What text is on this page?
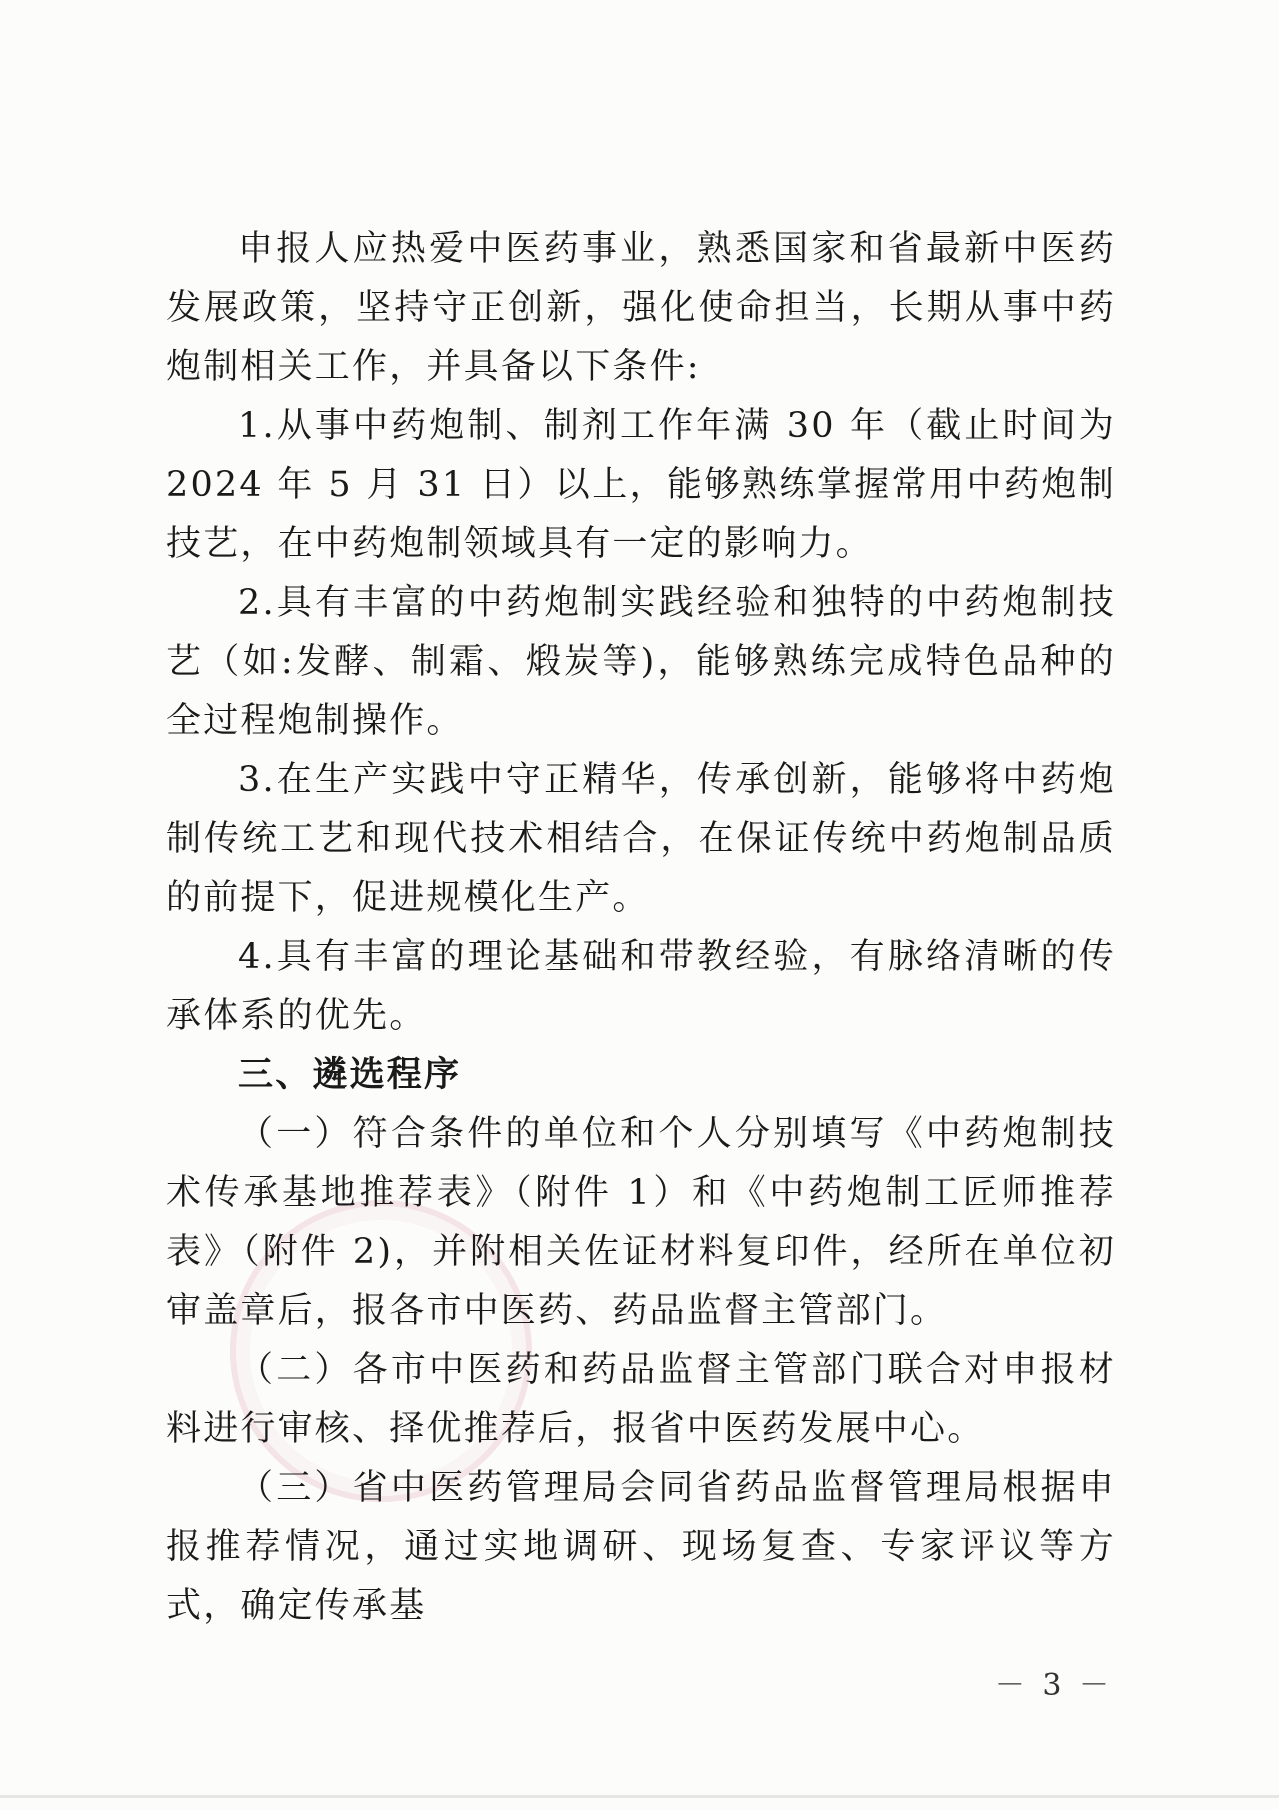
申报人应热爱中医药事业，熟悉国家和省最新中医药发展政策，坚持守正创新，强化使命担当，长期从事中药炮制相关工作，并具备以下条件:

1.从事中药炮制、制剂工作年满 30 年（截止时间为 2024 年 5 月 31 日）以上，能够熟练掌握常用中药炮制技艺，在中药炮制领域具有一定的影响力。

2.具有丰富的中药炮制实践经验和独特的中药炮制技艺（如:发酵、制霜、煅炭等)，能够熟练完成特色品种的全过程炮制操作。

3.在生产实践中守正精华，传承创新，能够将中药炮制传统工艺和现代技术相结合，在保证传统中药炮制品质的前提下，促进规模化生产。

4.具有丰富的理论基础和带教经验，有脉络清晰的传承体系的优先。

三、遴选程序

（一）符合条件的单位和个人分别填写《中药炮制技术传承基地推荐表》（附件 1）和《中药炮制工匠师推荐表》（附件 2)，并附相关佐证材料复印件，经所在单位初审盖章后，报各市中医药、药品监督主管部门。

（二）各市中医药和药品监督主管部门联合对申报材料进行审核、择优推荐后，报省中医药发展中心。

（三）省中医药管理局会同省药品监督管理局根据申报推荐情况，通过实地调研、现场复查、专家评议等方式，确定传承基

－ 3 －
